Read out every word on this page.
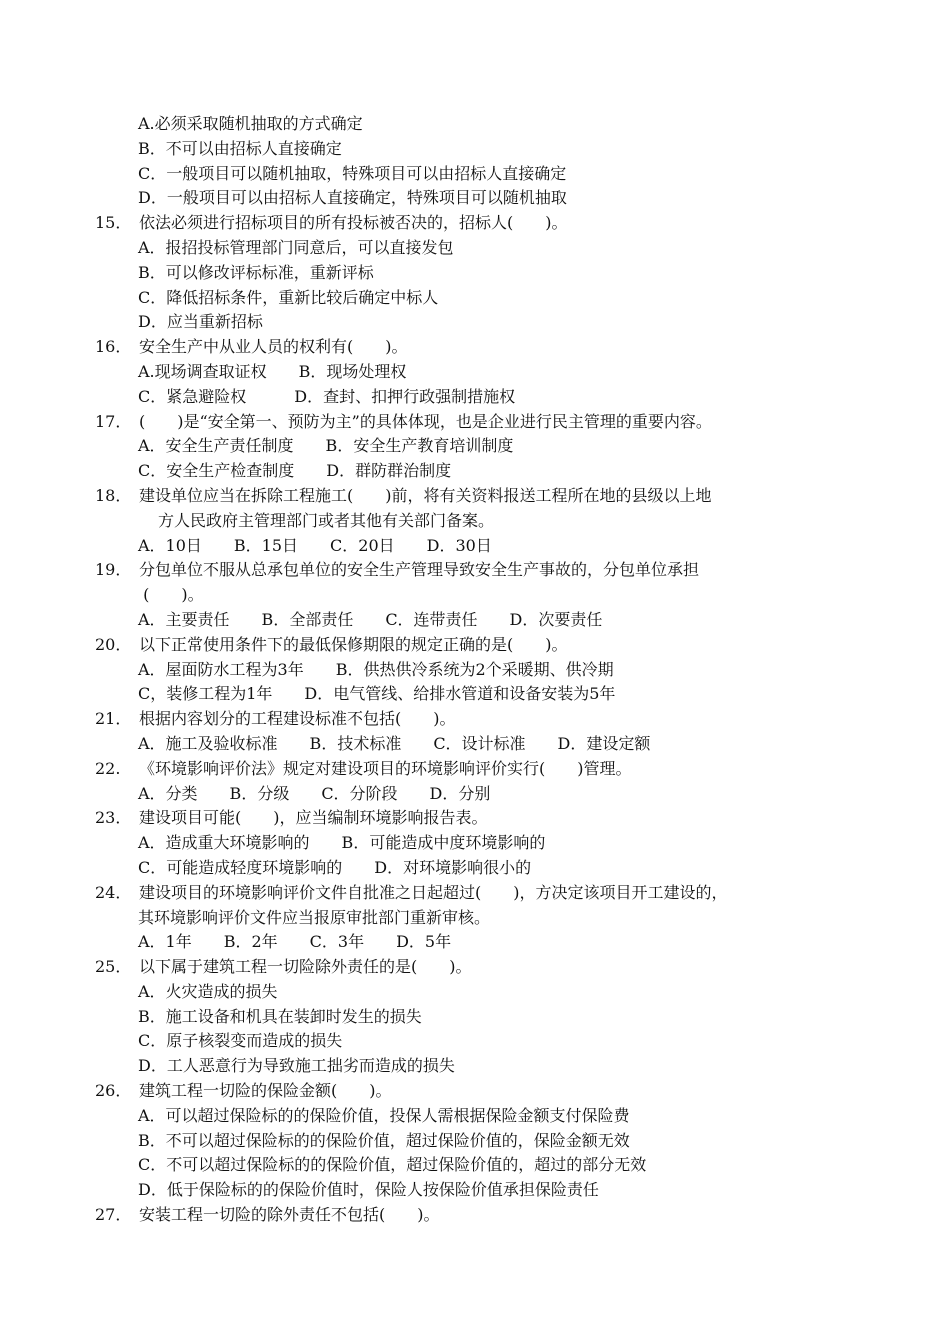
A.必须采取随机抽取的方式确定
B．不可以由招标人直接确定
C．一般项目可以随机抽取，特殊项目可以由招标人直接确定
D．一般项目可以由招标人直接确定，特殊项目可以随机抽取
15． 依法必须进行招标项目的所有投标被否决的，招标人(　　)。
A．报招投标管理部门同意后，可以直接发包
B．可以修改评标标准，重新评标
C．降低招标条件，重新比较后确定中标人
D．应当重新招标
16． 安全生产中从业人员的权利有(　　)。
A.现场调查取证权　　B．现场处理权
C．紧急避险权　　　D．查封、扣押行政强制措施权
17． (　　)是“安全第一、预防为主”的具体体现，也是企业进行民主管理的重要内容。
A．安全生产责任制度　　B．安全生产教育培训制度
C．安全生产检查制度　　D．群防群治制度
18． 建设单位应当在拆除工程施工(　　)前，将有关资料报送工程所在地的县级以上地
方人民政府主管理部门或者其他有关部门备案。
A．10日　　B．15日　　C．20日　　D．30日
19． 分包单位不服从总承包单位的安全生产管理导致安全生产事故的，分包单位承担
(　　)。
A．主要责任　　B．全部责任　　C．连带责任　　D．次要责任
20． 以下正常使用条件下的最低保修期限的规定正确的是(　　)。
A．屋面防水工程为3年　　B．供热供冷系统为2个采暖期、供冷期
C，装修工程为1年　　D．电气管线、给排水管道和设备安装为5年
21． 根据内容划分的工程建设标准不包括(　　)。
A．施工及验收标准　　B．技术标准　　C．设计标准　　D．建设定额
22.	《环境影响评价法》规定对建设项目的环境影响评价实行(　　)管理。
A．分类　　B．分级　　C．分阶段　　D．分别
23． 建设项目可能(　　)，应当编制环境影响报告表。
A．造成重大环境影响的　　B．可能造成中度环境影响的
C．可能造成轻度环境影响的　　D．对环境影响很小的
24． 建设项目的环境影响评价文件自批准之日起超过(　　)，方决定该项目开工建设的，
其环境影响评价文件应当报原审批部门重新审核。
A．1年　　B．2年　　C．3年　　D．5年
25． 以下属于建筑工程一切险除外责任的是(　　)。
A．火灾造成的损失
B．施工设备和机具在装卸时发生的损失
C．原子核裂变而造成的损失
D．工人恶意行为导致施工拙劣而造成的损失
26． 建筑工程一切险的保险金额(　　)。
A．可以超过保险标的的保险价值，投保人需根据保险金额支付保险费
B．不可以超过保险标的的保险价值，超过保险价值的，保险金额无效
C．不可以超过保险标的的保险价值，超过保险价值的，超过的部分无效
D．低于保险标的的保险价值时，保险人按保险价值承担保险责任
27． 安装工程一切险的除外责任不包括(　　)。
